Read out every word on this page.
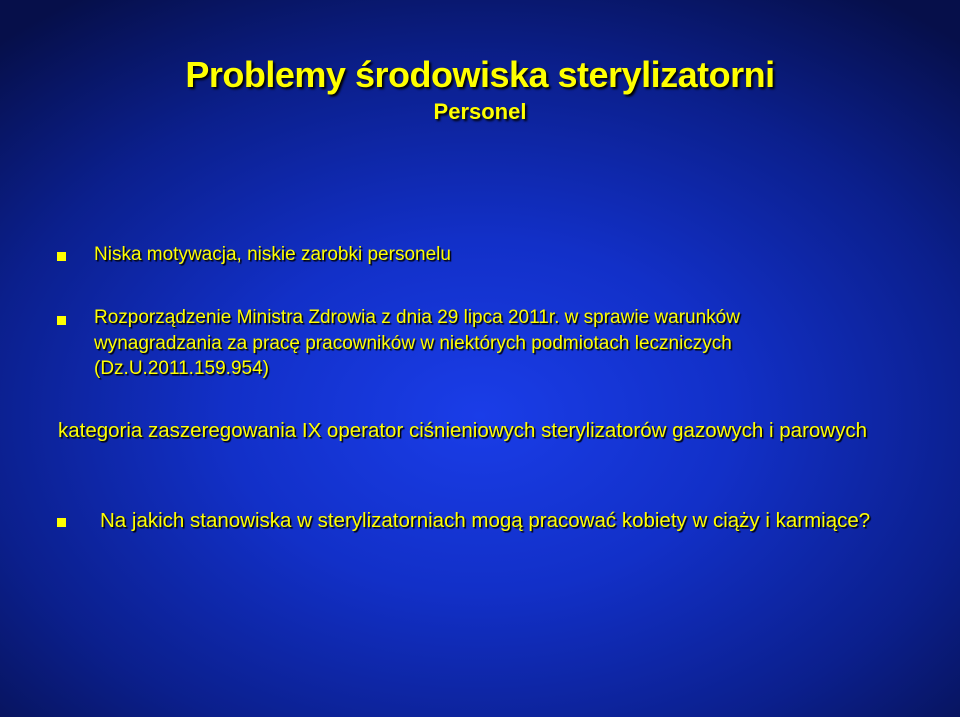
Problemy środowiska sterylizatorni
Personel
Niska motywacja, niskie zarobki personelu
Rozporządzenie Ministra Zdrowia z dnia 29 lipca 2011r. w sprawie warunków
wynagradzania za pracę pracowników w niektórych podmiotach leczniczych
(Dz.U.2011.159.954)
kategoria zaszeregowania IX operator ciśnieniowych sterylizatorów gazowych i parowych
Na jakich stanowiska w sterylizatorniach mogą pracować kobiety w ciąży i karmiące?
